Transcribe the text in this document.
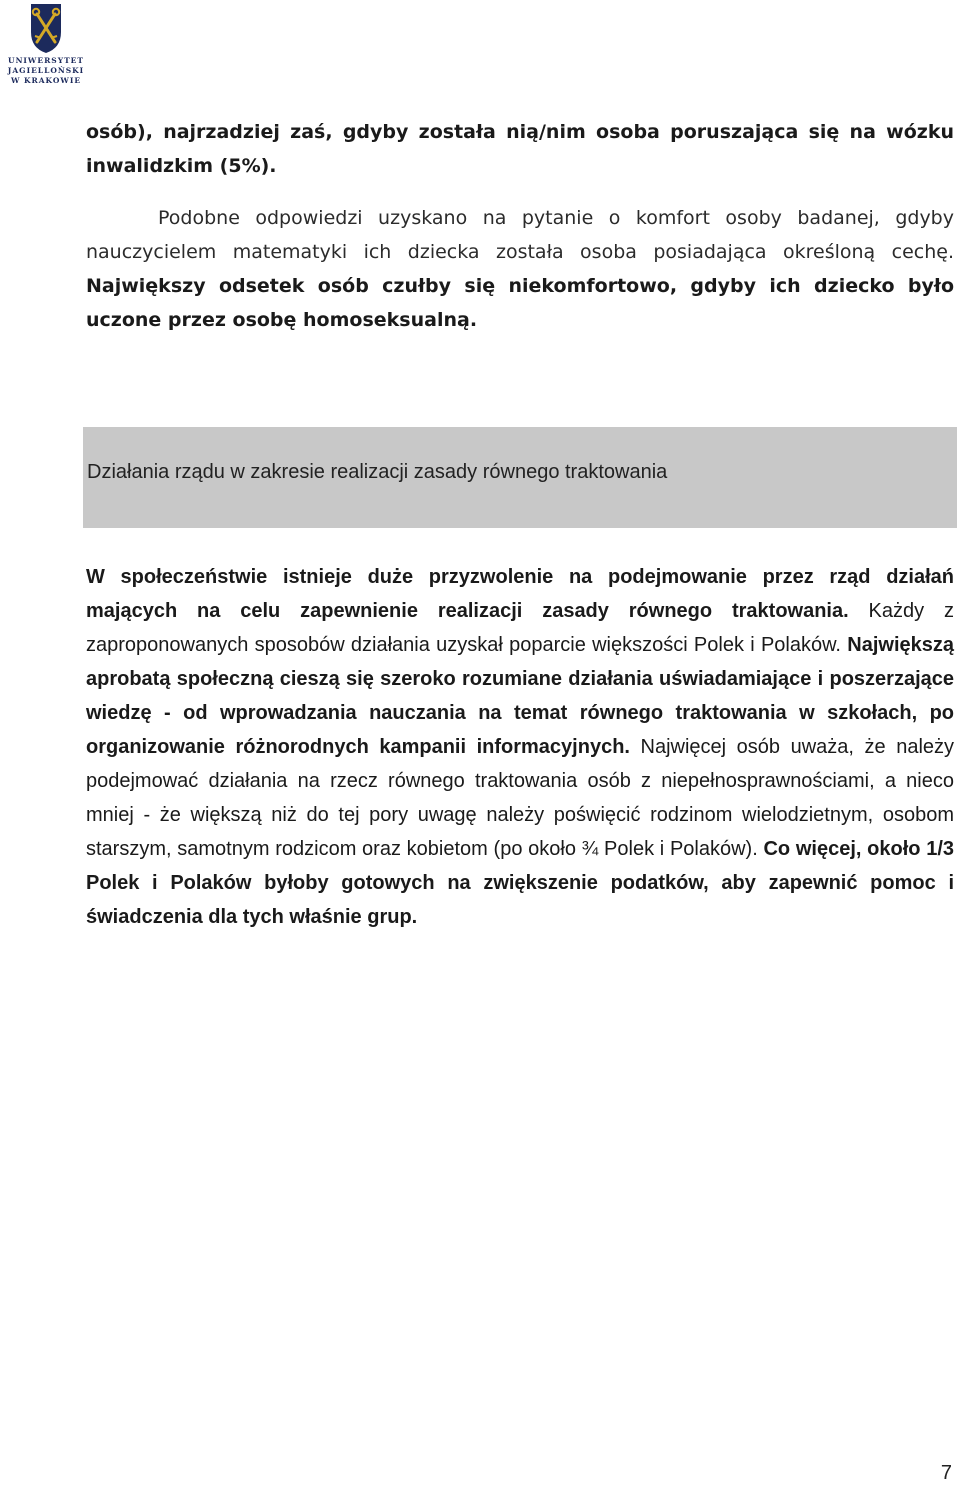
UNIWERSYTET
JAGIELLOŃSKI
W KRAKOWIE

osób), najrzadziej zaś, gdyby została nią/nim osoba poruszająca się na wózku inwalidzkim (5%).

Podobne odpowiedzi uzyskano na pytanie o komfort osoby badanej, gdyby nauczycielem matematyki ich dziecka została osoba posiadająca określoną cechę. Największy odsetek osób czułby się niekomfortowo, gdyby ich dziecko było uczone przez osobę homoseksualną.

Działania rządu w zakresie realizacji zasady równego traktowania

W społeczeństwie istnieje duże przyzwolenie na podejmowanie przez rząd działań mających na celu zapewnienie realizacji zasady równego traktowania. Każdy z zaproponowanych sposobów działania uzyskał poparcie większości Polek i Polaków. Największą aprobatą społeczną cieszą się szeroko rozumiane działania uświadamiające i poszerzające wiedzę - od wprowadzania nauczania na temat równego traktowania w szkołach, po organizowanie różnorodnych kampanii informacyjnych. Najwięcej osób uważa, że należy podejmować działania na rzecz równego traktowania osób z niepełnosprawnościami, a nieco mniej - że większą niż do tej pory uwagę należy poświęcić rodzinom wielodzietnym, osobom starszym, samotnym rodzicom oraz kobietom (po około ¾ Polek i Polaków). Co więcej, około 1/3 Polek i Polaków byłoby gotowych na zwiększenie podatków, aby zapewnić pomoc i świadczenia dla tych właśnie grup.

7
